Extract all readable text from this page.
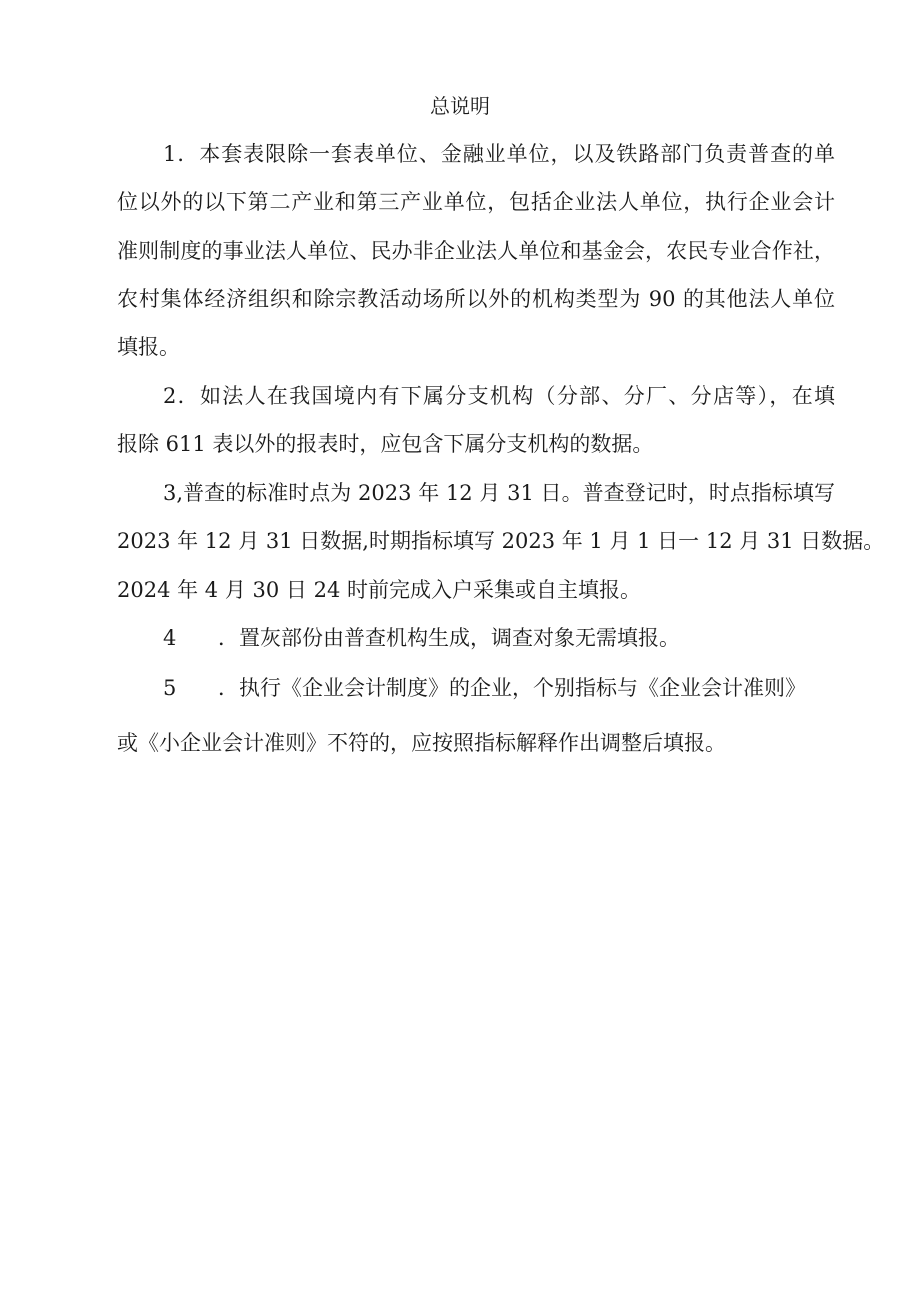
总说明
1．本套表限除一套表单位、金融业单位，以及铁路部门负责普查的单
位以外的以下第二产业和第三产业单位，包括企业法人单位，执行企业会计
准则制度的事业法人单位、民办非企业法人单位和基金会，农民专业合作社，
农村集体经济组织和除宗教活动场所以外的机构类型为 90 的其他法人单位
填报。
2．如法人在我国境内有下属分支机构（分部、分厂、分店等），在填
报除 611 表以外的报表时，应包含下属分支机构的数据。
3,普查的标准时点为 2023 年 12 月 31 日。普查登记时，时点指标填写
2023 年 12 月 31 日数据,时期指标填写 2023 年 1 月 1 日一 12 月 31 日数据。
2024 年 4 月 30 日 24 时前完成入户采集或自主填报。
4 ．置灰部份由普查机构生成，调查对象无需填报。
5 ．执行《企业会计制度》的企业，个别指标与《企业会计准则》
或《小企业会计准则》不符的，应按照指标解释作出调整后填报。
